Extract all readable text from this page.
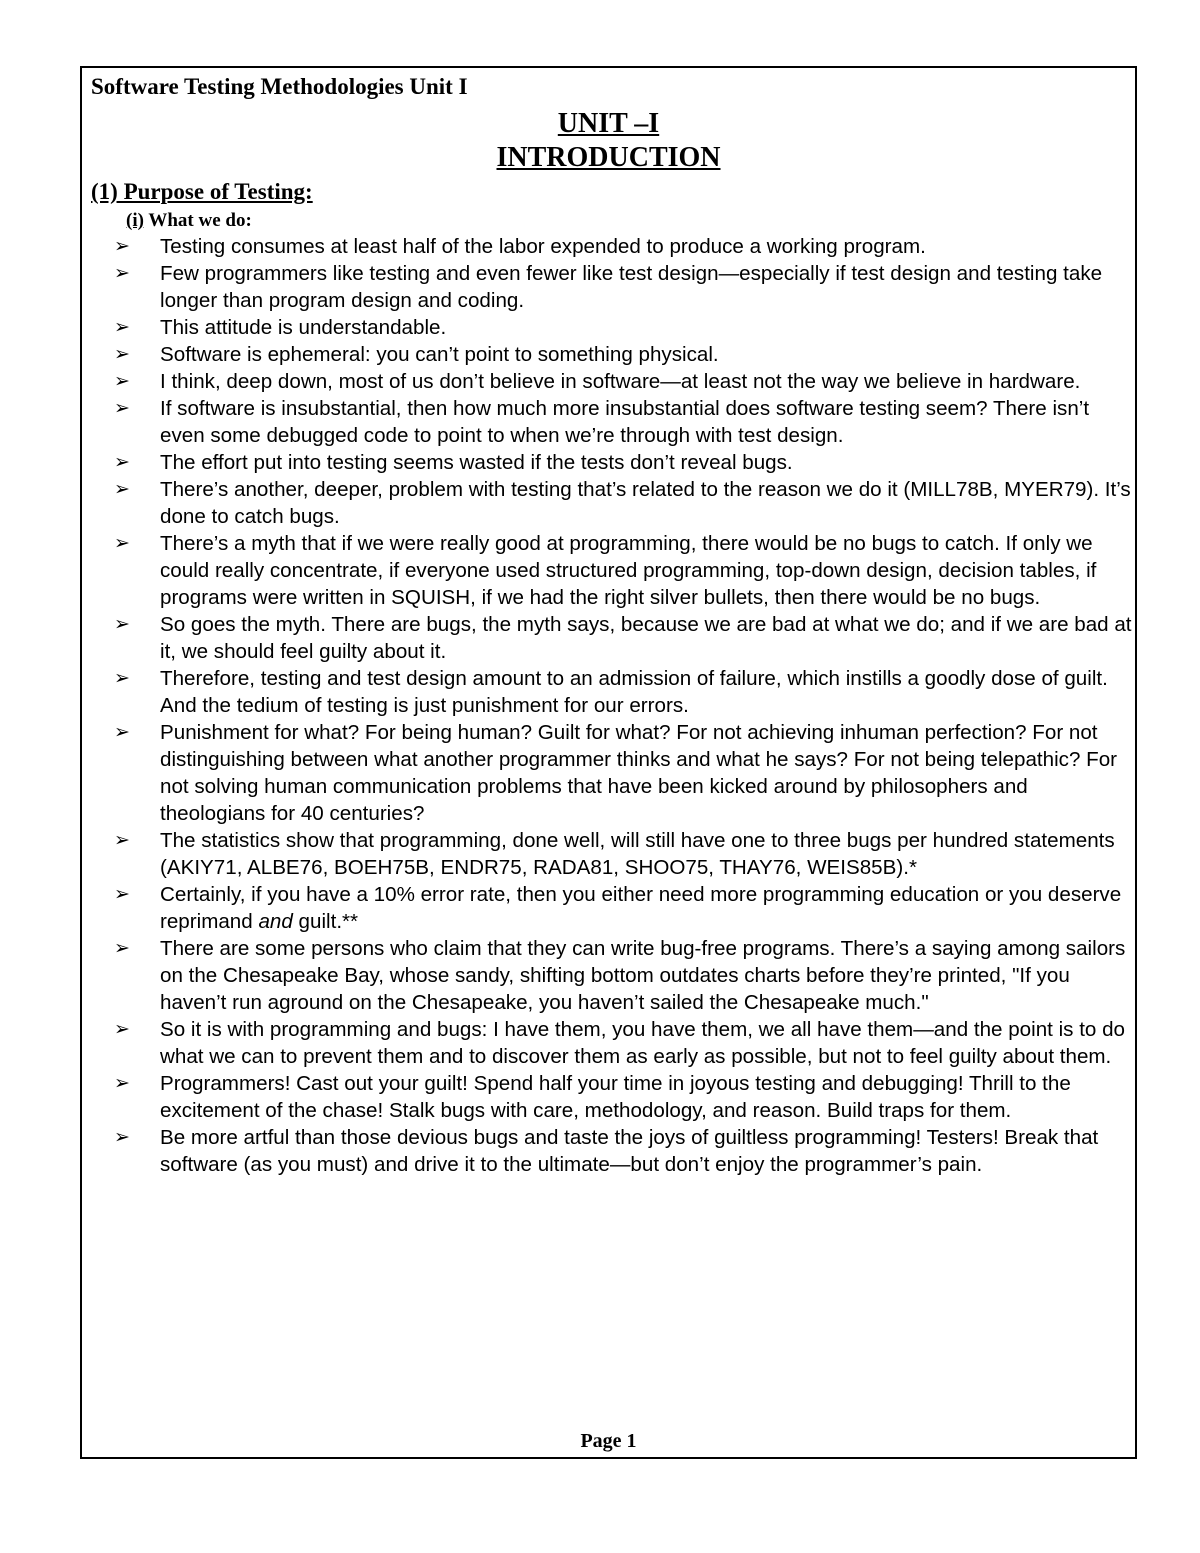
Software Testing Methodologies Unit I
UNIT –I
INTRODUCTION
(1) Purpose of Testing:
(i) What we do:
➢ Testing consumes at least half of the labor expended to produce a working program.
➢ Few programmers like testing and even fewer like test design—especially if test design and testing take longer than program design and coding.
➢ This attitude is understandable.
➢ Software is ephemeral: you can’t point to something physical.
➢ I think, deep down, most of us don’t believe in software—at least not the way we believe in hardware.
➢ If software is insubstantial, then how much more insubstantial does software testing seem? There isn’t even some debugged code to point to when we’re through with test design.
➢ The effort put into testing seems wasted if the tests don’t reveal bugs.
➢ There’s another, deeper, problem with testing that’s related to the reason we do it (MILL78B, MYER79). It’s done to catch bugs.
➢ There’s a myth that if we were really good at programming, there would be no bugs to catch. If only we could really concentrate, if everyone used structured programming, top-down design, decision tables, if programs were written in SQUISH, if we had the right silver bullets, then there would be no bugs.
➢ So goes the myth. There are bugs, the myth says, because we are bad at what we do; and if we are bad at it, we should feel guilty about it.
➢ Therefore, testing and test design amount to an admission of failure, which instills a goodly dose of guilt. And the tedium of testing is just punishment for our errors.
➢ Punishment for what? For being human? Guilt for what? For not achieving inhuman perfection? For not distinguishing between what another programmer thinks and what he says? For not being telepathic? For not solving human communication problems that have been kicked around by philosophers and theologians for 40 centuries?
➢ The statistics show that programming, done well, will still have one to three bugs per hundred statements (AKIY71, ALBE76, BOEH75B, ENDR75, RADA81, SHOO75, THAY76, WEIS85B).*
➢ Certainly, if you have a 10% error rate, then you either need more programming education or you deserve reprimand and guilt.**
➢ There are some persons who claim that they can write bug-free programs. There’s a saying among sailors on the Chesapeake Bay, whose sandy, shifting bottom outdates charts before they’re printed, "If you haven’t run aground on the Chesapeake, you haven’t sailed the Chesapeake much."
➢ So it is with programming and bugs: I have them, you have them, we all have them—and the point is to do what we can to prevent them and to discover them as early as possible, but not to feel guilty about them.
➢ Programmers! Cast out your guilt! Spend half your time in joyous testing and debugging! Thrill to the excitement of the chase! Stalk bugs with care, methodology, and reason. Build traps for them.
➢ Be more artful than those devious bugs and taste the joys of guiltless programming! Testers! Break that software (as you must) and drive it to the ultimate—but don’t enjoy the programmer’s pain.
Page 1
